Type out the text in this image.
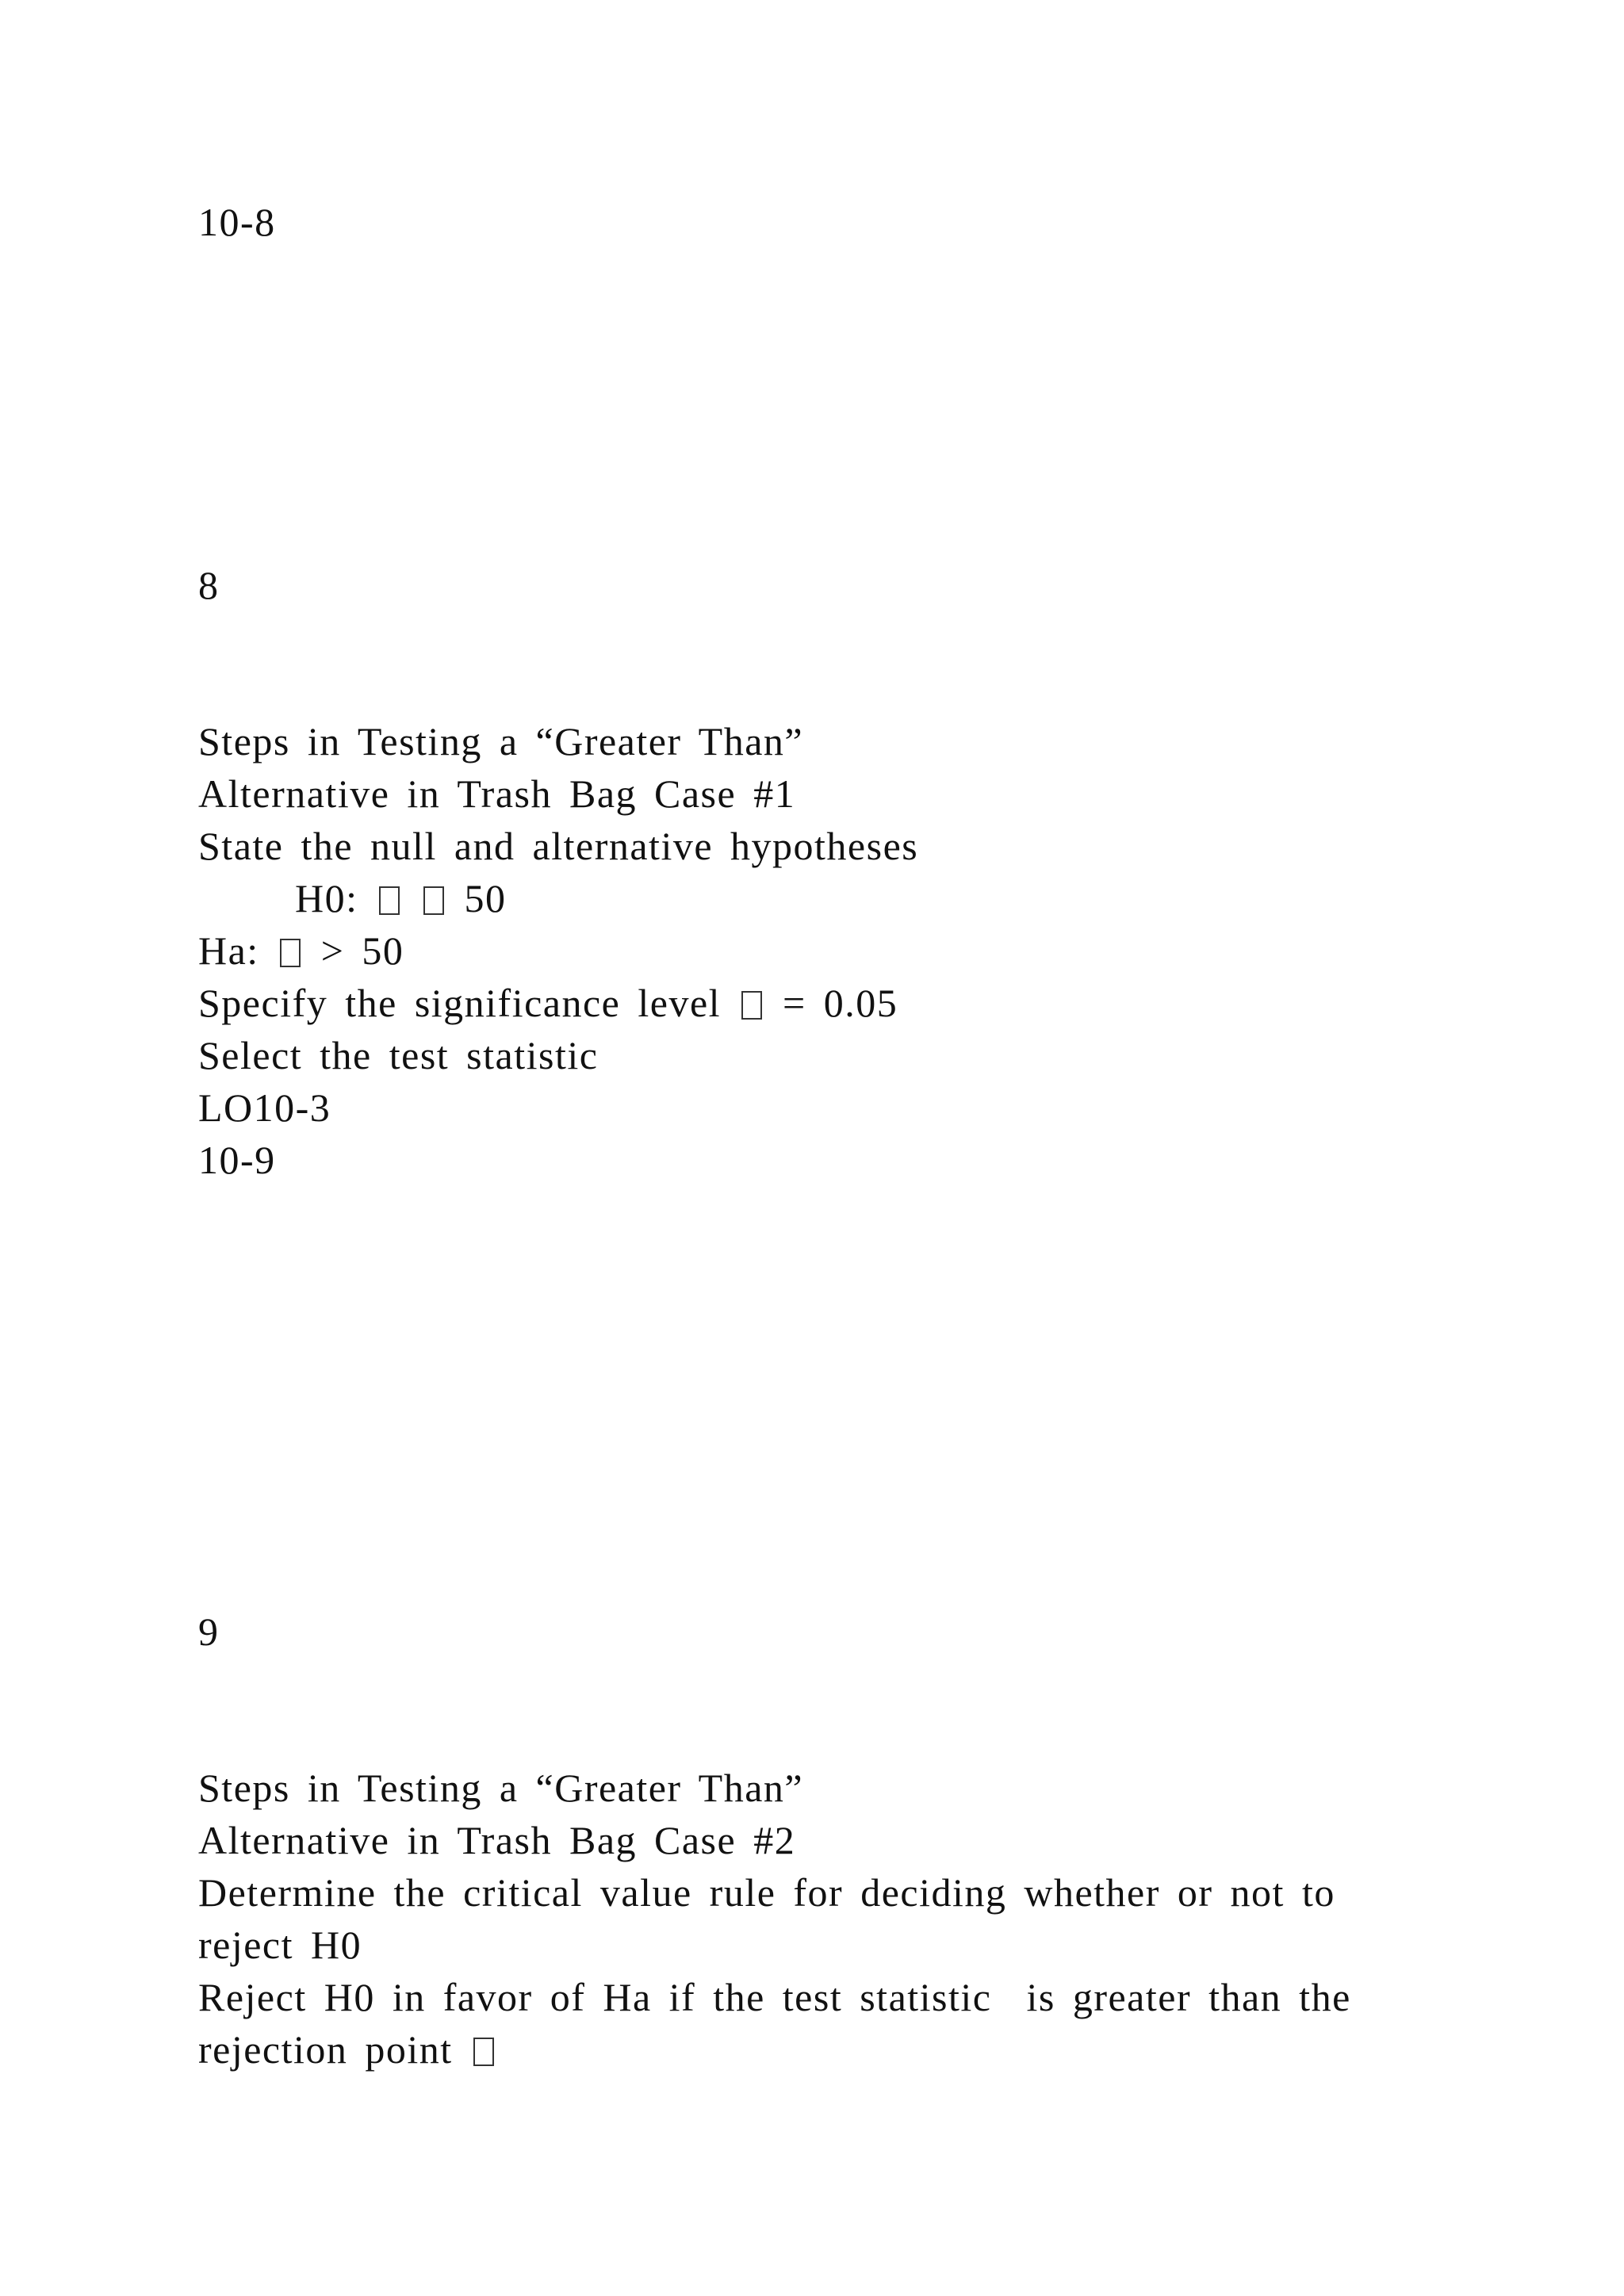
10-8
8
Steps in Testing a “Greater Than”
Alternative in Trash Bag Case #1
State the null and alternative hypotheses
H0:	50
Ha: > 50
Specify the significance level = 0.05
Select the test statistic
LO10-3
10-9
9
Steps in Testing a “Greater Than”
Alternative in Trash Bag Case #2
Determine the critical value rule for deciding whether or not to
reject H0
Reject H0 in favor of Ha if the test statistic  is greater than the
rejection point
